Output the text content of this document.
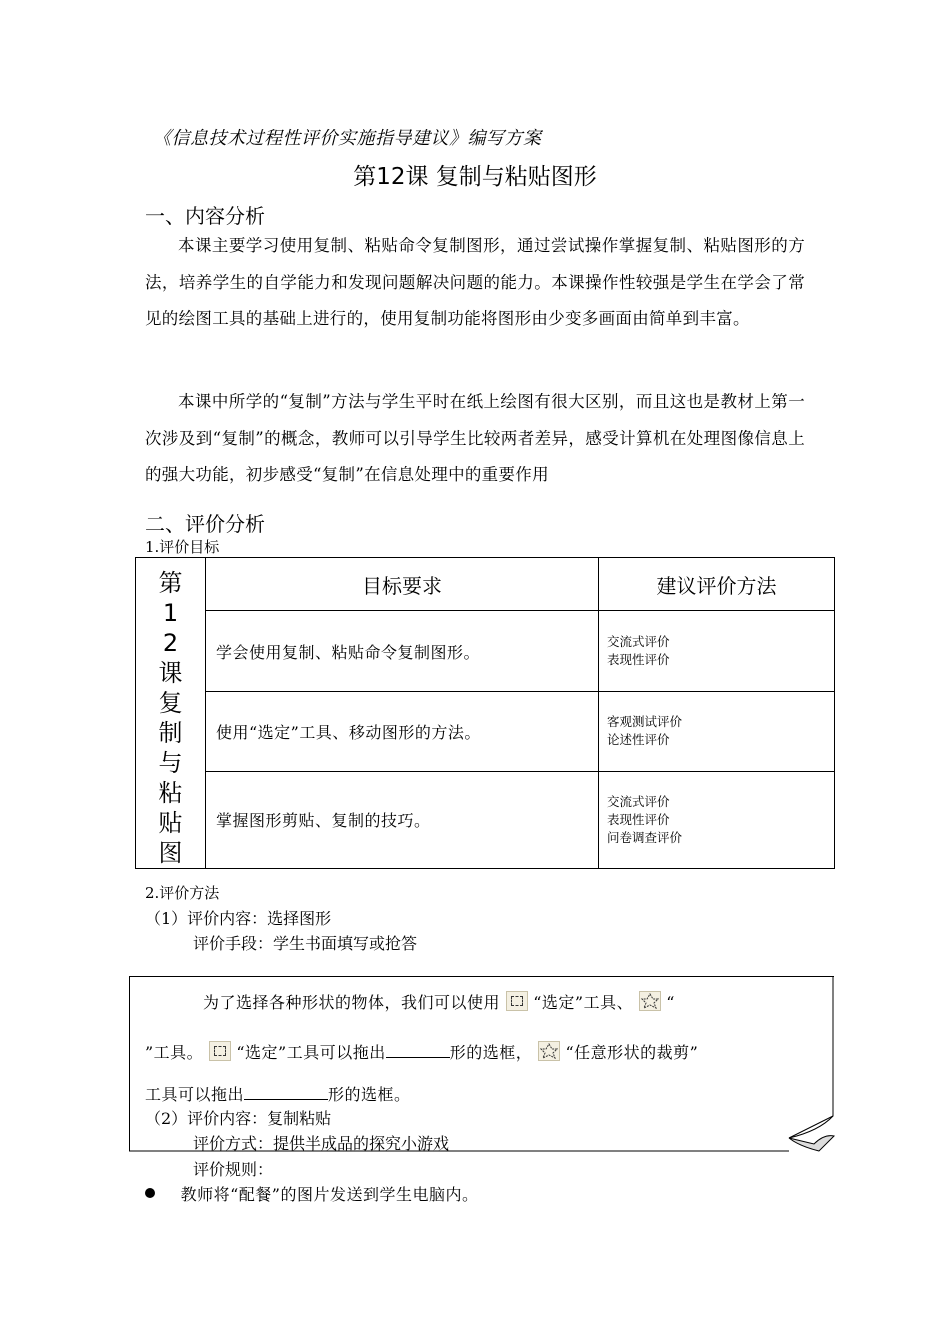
《信息技术过程性评价实施指导建议》编写方案
第12课 复制与粘贴图形
一、内容分析
本课主要学习使用复制、粘贴命令复制图形，通过尝试操作掌握复制、粘贴图形的方法，培养学生的自学能力和发现问题解决问题的能力。本课操作性较强是学生在学会了常见的绘图工具的基础上进行的，使用复制功能将图形由少变多画面由简单到丰富。
本课中所学的“复制”方法与学生平时在纸上绘图有很大区别，而且这也是教材上第一次涉及到“复制”的概念，教师可以引导学生比较两者差异，感受计算机在处理图像信息上的强大功能，初步感受“复制”在信息处理中的重要作用
二、评价分析
1.评价目标
第12课 复制与粘贴图	目标要求	建议评价方法
	学会使用复制、粘贴命令复制图形。	交流式评价
表现性评价

	使用“选定”工具、移动图形的方法。	客观测试评价
论述性评价

	掌握图形剪贴、复制的技巧。	交流式评价
表现性评价
问卷调查评价
2.评价方法
（1）评价内容：选择图形
评价手段：学生书面填写或抢答
为了选择各种形状的物体，我们可以使用 “选定”工具、 “
”工具。 “选定”工具可以拖出	形的选框， “任意形状的裁剪”
工具可以拖出	形的选框。
（2）评价内容：复制粘贴
评价方式：提供半成品的探究小游戏
评价规则：
教师将“配餐”的图片发送到学生电脑内。
